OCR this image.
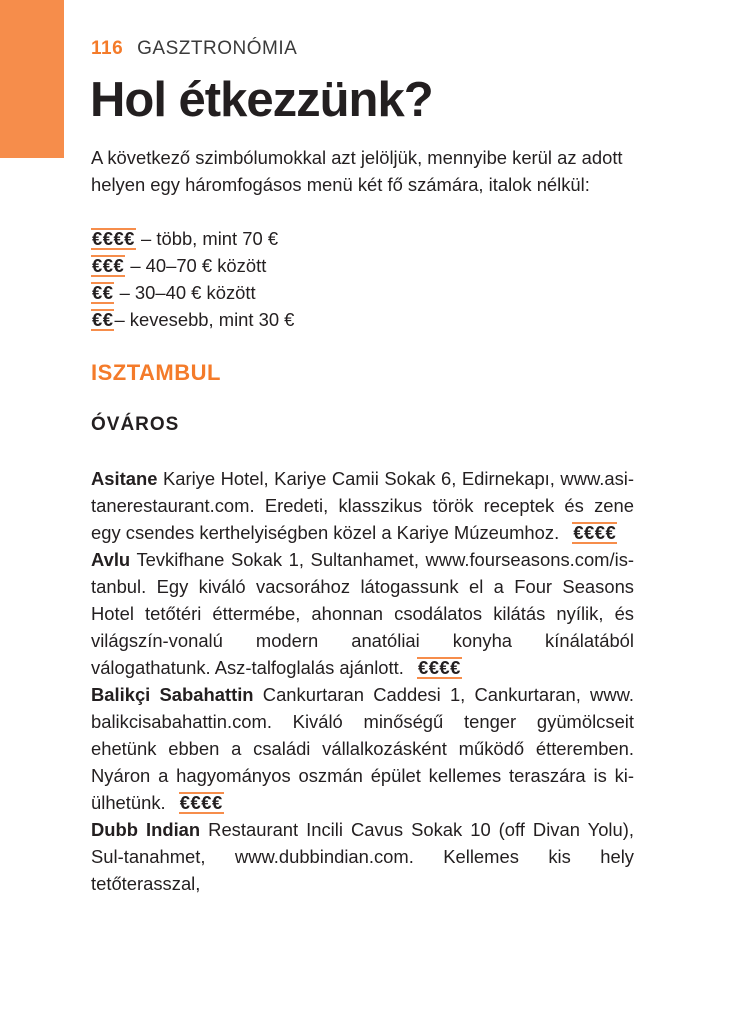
116 GASZTRONÓMIA
Hol étkezzünk?

A következő szimbólumokkal azt jelöljük, mennyibe kerül az adott helyen egy háromfogásos menü két fő számára, italok nélkül:

€€€€ – több, mint 70 €
€€€ – 40–70 € között
€€ – 30–40 € között
€€– kevesebb, mint 30 €
ISZTAMBUL
ÓVÁROS

Asitane Kariye Hotel, Kariye Camii Sokak 6, Edirnekapı, www.asi-tanerestaurant.com. Eredeti, klasszikus török receptek és zene egy csendes kerthelyiségben közel a Kariye Múzeumhoz. €€€€

Avlu Tevkifhane Sokak 1, Sultanhamet, www.fourseasons.com/is-tanbul. Egy kiváló vacsorához látogassunk el a Four Seasons Hotel tetőtéri éttermébe, ahonnan csodálatos kilátás nyílik, és világszín-vonalú modern anatóliai konyha kínálatából válogathatunk. Asz-talfoglalás ajánlott. €€€€

Balikçi Sabahattin Cankurtaran Caddesi 1, Cankurtaran, www. balikcisabahattin.com. Kiváló minőségű tenger gyümölcseit ehetünk ebben a családi vállalkozásként működő étteremben. Nyáron a hagyományos oszmán épület kellemes teraszára is ki-ülhetünk. €€€€

Dubb Indian Restaurant Incili Cavus Sokak 10 (off Divan Yolu), Sul-tanahmet, www.dubbindian.com. Kellemes kis hely tetőterasszal,
